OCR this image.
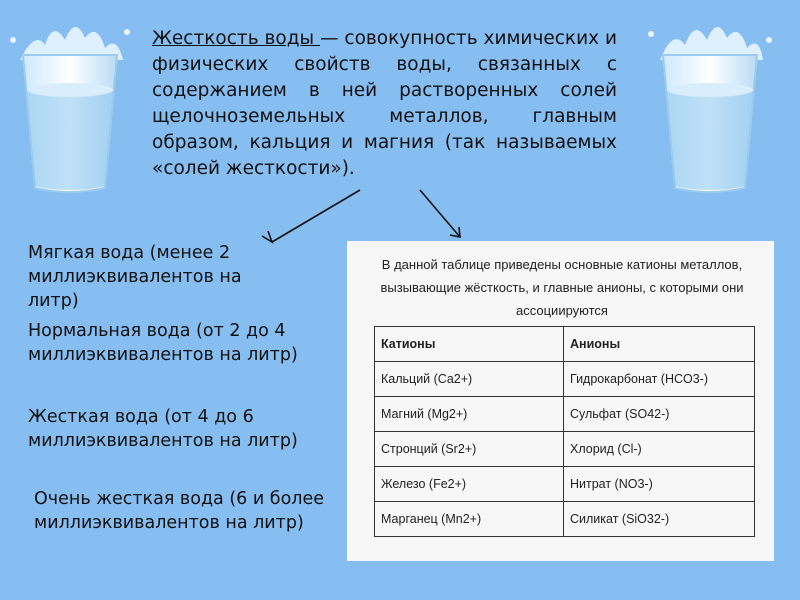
Жесткость воды — совокупность химических и физических свойств воды, связанных с содержанием в ней растворенных солей щелочноземельных металлов, главным образом, кальция и магния (так называемых «солей жесткости»).
Мягкая вода (менее 2
миллиэквивалентов на
литр)
Нормальная вода (от 2 до 4
миллиэквивалентов на литр)
Жесткая вода (от 4 до 6
миллиэквивалентов на литр)
Очень жесткая вода (6 и более
миллиэквивалентов на литр)
В данной таблице приведены основные катионы металлов, вызывающие жёсткость, и главные анионы, с которыми они ассоциируются
Катионы	Анионы
Кальций (Ca2+)	Гидрокарбонат (HCO3-)
Магний (Mg2+)	Сульфат (SO42-)
Стронций (Sr2+)	Хлорид (Cl-)
Железо (Fe2+)	Нитрат (NO3-)
Марганец (Mn2+)	Силикат (SiO32-)
